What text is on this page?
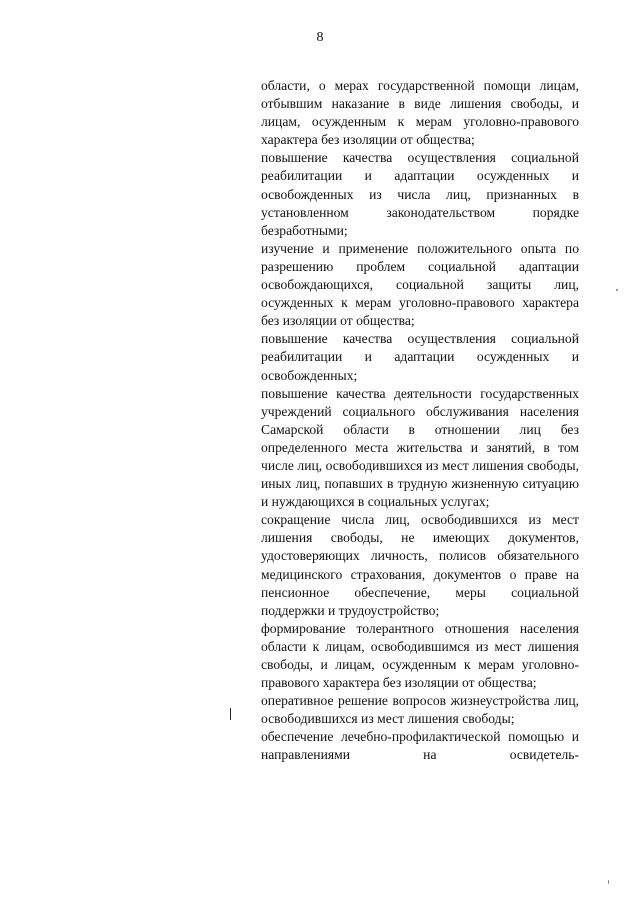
8

области, о мерах государственной помощи лицам, отбывшим наказание в виде лишения свободы, и лицам, осужденным к мерам уголовно-правового характера без изоляции от общества;

повышение качества осуществления социальной реабилитации и адаптации осужденных и освобожденных из числа лиц, признанных в установленном законодательством порядке безработными;

изучение и применение положительного опыта по разрешению проблем социальной адаптации освобождающихся, социальной защиты лиц, осужденных к мерам уголовно-правового характера без изоляции от общества;

повышение качества осуществления социальной реабилитации и адаптации осужденных и освобожденных;

повышение качества деятельности государственных учреждений социального обслуживания населения Самарской области в отношении лиц без определенного места жительства и занятий, в том числе лиц, освободившихся из мест лишения свободы, иных лиц, попавших в трудную жизненную ситуацию и нуждающихся в социальных услугах;

сокращение числа лиц, освободившихся из мест лишения свободы, не имеющих документов, удостоверяющих личность, полисов обязательного медицинского страхования, документов о праве на пенсионное обеспечение, меры социальной поддержки и трудоустройство;

формирование толерантного отношения населения области к лицам, освободившимся из мест лишения свободы, и лицам, осужденным к мерам уголовно-правового характера без изоляции от общества;

оперативное решение вопросов жизнеустройства лиц, освободившихся из мест лишения свободы;

обеспечение лечебно-профилактической помощью и направлениями на освидетель-
